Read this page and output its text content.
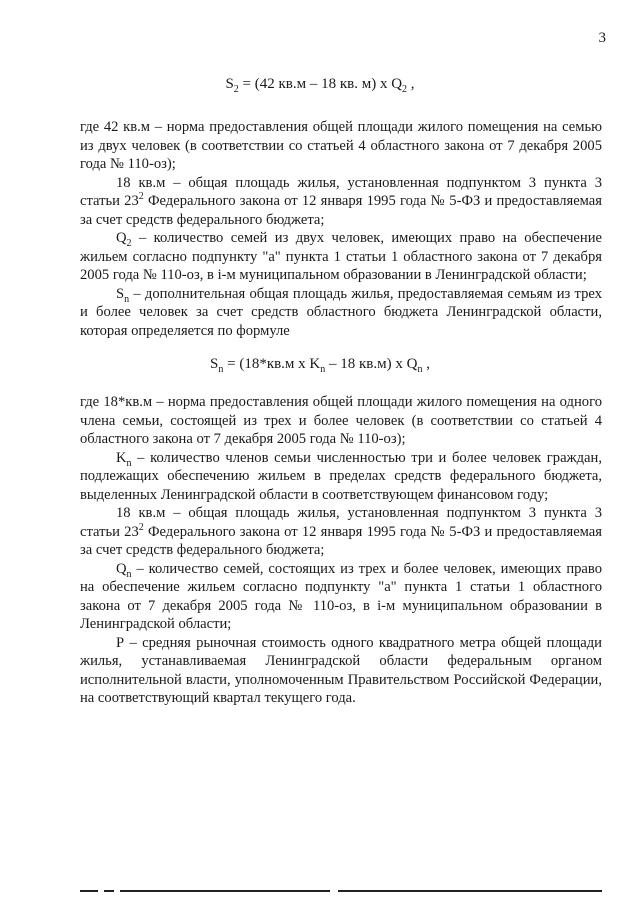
3
$S_2 = (42$ кв.м – 18 кв. м) х $Q_2$ ,

где 42 кв.м – норма предоставления общей площади жилого помещения на семью из двух человек (в соответствии со статьей 4 областного закона от 7 декабря 2005 года № 110-оз);

18 кв.м – общая площадь жилья, установленная подпунктом 3 пункта 3 статьи $23^2$ Федерального закона от 12 января 1995 года № 5-ФЗ и предоставляемая за счет средств федерального бюджета;

$Q_2$ – количество семей из двух человек, имеющих право на обеспечение жильем согласно подпункту "а" пункта 1 статьи 1 областного закона от 7 декабря 2005 года № 110-оз, в i-м муниципальном образовании в Ленинградской области;

$S_n$ – дополнительная общая площадь жилья, предоставляемая семьям из трех и более человек за счет средств областного бюджета Ленинградской области, которая определяется по формуле

$S_n = (18*кв.м$ х $K_n - 18$ кв.м) х $Q_n$ ,

где 18*кв.м – норма предоставления общей площади жилого помещения на одного члена семьи, состоящей из трех и более человек (в соответствии со статьей 4 областного закона от 7 декабря 2005 года № 110-оз);

$K_n$ – количество членов семьи численностью три и более человек граждан, подлежащих обеспечению жильем в пределах средств федерального бюджета, выделенных Ленинградской области в соответствующем финансовом году;

18 кв.м – общая площадь жилья, установленная подпунктом 3 пункта 3 статьи $23^2$ Федерального закона от 12 января 1995 года № 5-ФЗ и предоставляемая за счет средств федерального бюджета;

$Q_n$ – количество семей, состоящих из трех и более человек, имеющих право на обеспечение жильем согласно подпункту "а" пункта 1 статьи 1 областного закона от 7 декабря 2005 года № 110-оз, в i-м муниципальном образовании в Ленинградской области;

Р – средняя рыночная стоимость одного квадратного метра общей площади жилья, устанавливаемая Ленинградской области федеральным органом исполнительной власти, уполномоченным Правительством Российской Федерации, на соответствующий квартал текущего года.
